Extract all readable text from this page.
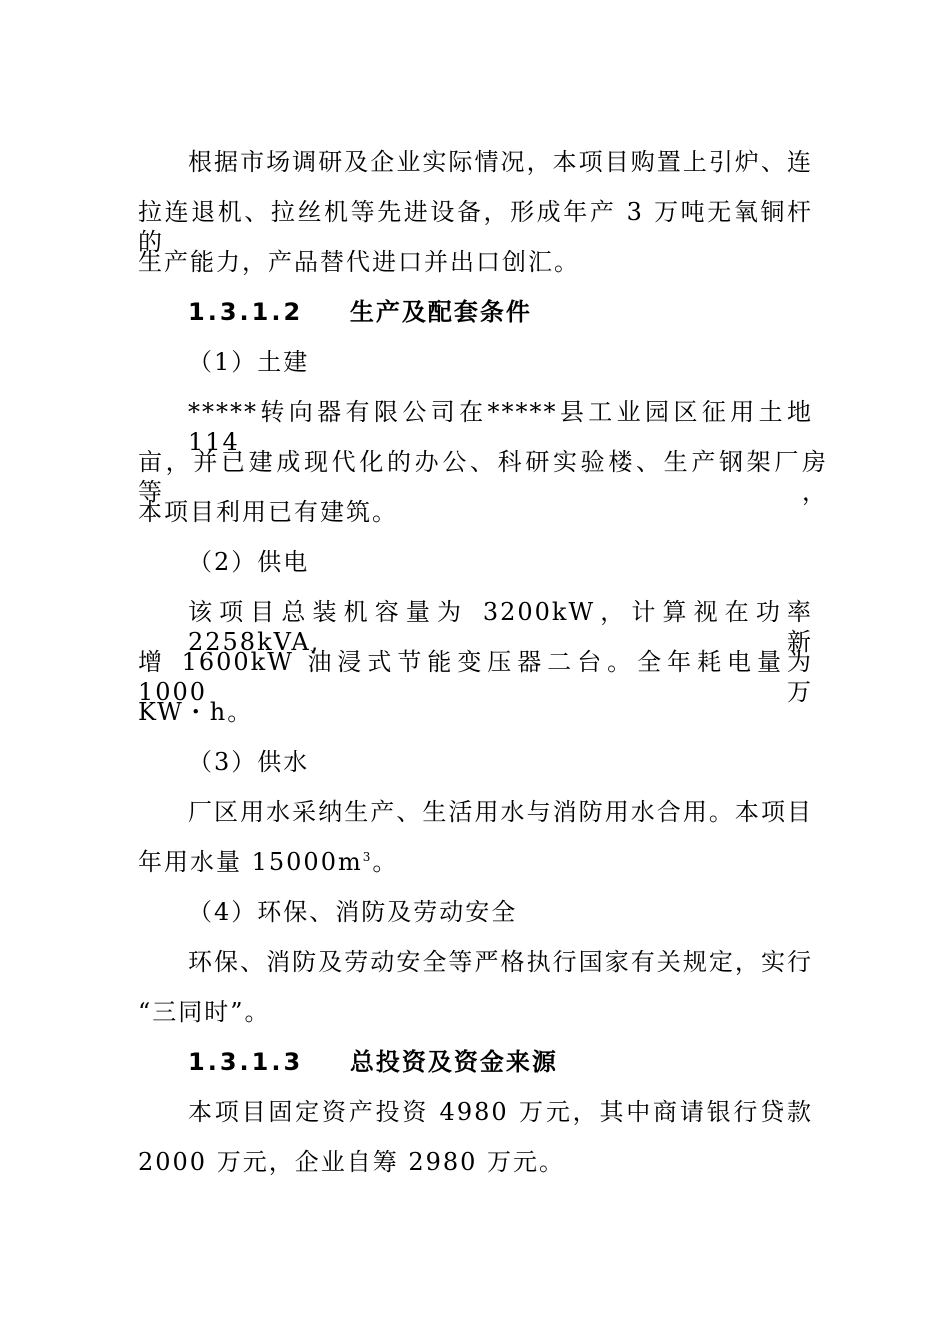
根据市场调研及企业实际情况，本项目购置上引炉、连
拉连退机、拉丝机等先进设备，形成年产 3 万吨无氧铜杆的
生产能力，产品替代进口并出口创汇。
1.3.1.2 生产及配套条件
（1）土建
*****转向器有限公司在*****县工业园区征用土地 114
亩，并已建成现代化的办公、科研实验楼、生产钢架厂房等，
本项目利用已有建筑。
（2）供电
该项目总装机容量为 3200kW，计算视在功率 2258kVA,新
增 1600kW 油浸式节能变压器二台。全年耗电量为 1000 万
KW・h。
（3）供水
厂区用水采纳生产、生活用水与消防用水合用。本项目
年用水量 $15000m^3$。
（4）环保、消防及劳动安全
环保、消防及劳动安全等严格执行国家有关规定，实行
“三同时”。
1.3.1.3 总投资及资金来源
本项目固定资产投资 4980 万元，其中商请银行贷款
2000 万元，企业自筹 2980 万元。
